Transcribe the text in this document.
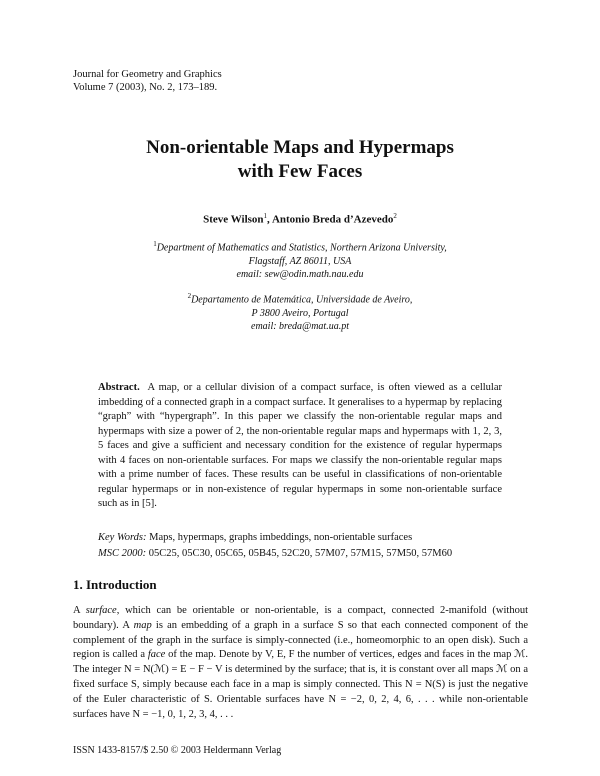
Journal for Geometry and Graphics
Volume 7 (2003), No. 2, 173–189.
Non-orientable Maps and Hypermaps
with Few Faces
Steve Wilson$^1$, Antonio Breda d’Azevedo$^2$
$^1$Department of Mathematics and Statistics, Northern Arizona University,
Flagstaff, AZ 86011, USA
email: sew@odin.math.nau.edu
$^2$Departamento de Matemática, Universidade de Aveiro,
P 3800 Aveiro, Portugal
email: breda@mat.ua.pt
Abstract. A map, or a cellular division of a compact surface, is often viewed as a cellular imbedding of a connected graph in a compact surface. It generalises to a hypermap by replacing “graph” with “hypergraph”. In this paper we classify the non-orientable regular maps and hypermaps with size a power of 2, the non-orientable regular maps and hypermaps with 1, 2, 3, 5 faces and give a sufficient and necessary condition for the existence of regular hypermaps with 4 faces on non-orientable surfaces. For maps we classify the non-orientable regular maps with a prime number of faces. These results can be useful in classifications of non-orientable regular hypermaps or in non-existence of regular hypermaps in some non-orientable surface such as in [5].
Key Words: Maps, hypermaps, graphs imbeddings, non-orientable surfaces
MSC 2000: 05C25, 05C30, 05C65, 05B45, 52C20, 57M07, 57M15, 57M50, 57M60
1. Introduction
A surface, which can be orientable or non-orientable, is a compact, connected 2-manifold (without boundary). A map is an embedding of a graph in a surface S so that each connected component of the complement of the graph in the surface is simply-connected (i.e., homeomorphic to an open disk). Such a region is called a face of the map. Denote by V, E, F the number of vertices, edges and faces in the map ℳ. The integer N = N(ℳ) = E − F − V is determined by the surface; that is, it is constant over all maps ℳ on a fixed surface S, simply because each face in a map is simply connected. This N = N(S) is just the negative of the Euler characteristic of S. Orientable surfaces have N = −2, 0, 2, 4, 6, . . . while non-orientable surfaces have N = −1, 0, 1, 2, 3, 4, . . .
ISSN 1433-8157/$ 2.50 © 2003 Heldermann Verlag
